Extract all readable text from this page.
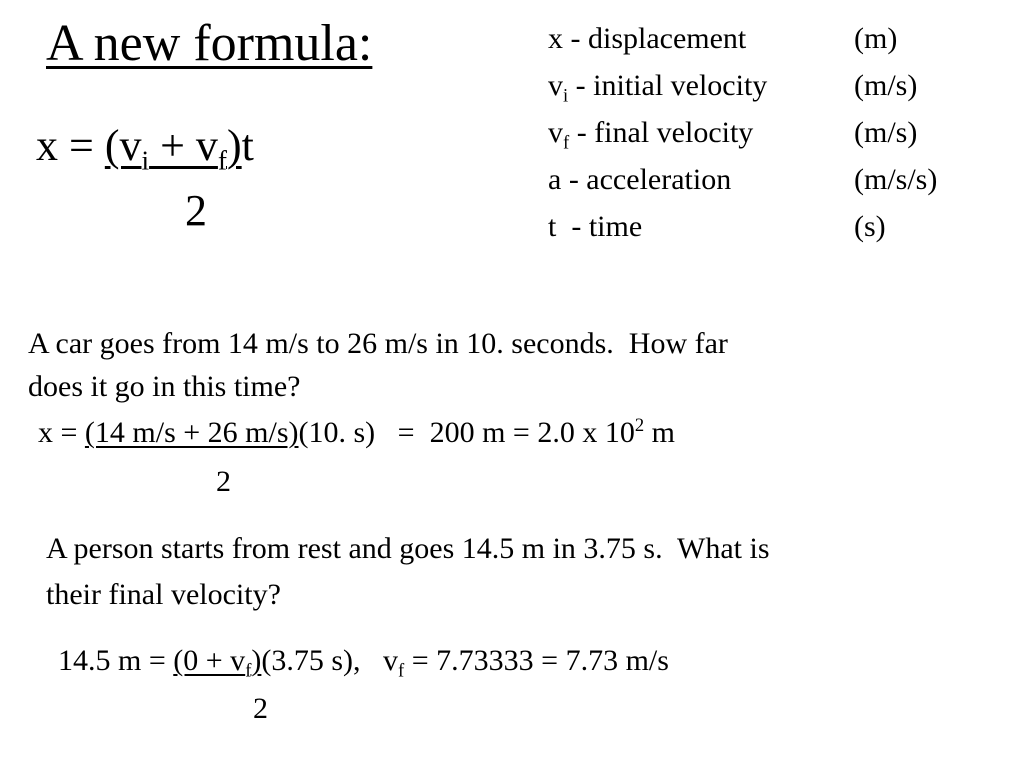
A new formula:
$x = (v_i + v_f)t$
2
x - displacement	(m)
$v_i$ - initial velocity	(m/s)
$v_f$ - final velocity	(m/s)
a - acceleration	(m/s/s)
t  - time	(s)
A car goes from 14 m/s to 26 m/s in 10. seconds.  How far
does it go in this time?
x = (14 m/s + 26 m/s)(10. s)   =  200 m = 2.0 x $10^2$ m
2
A person starts from rest and goes 14.5 m in 3.75 s.  What is
their final velocity?
14.5 $m = (0 + v_f)(3.75$ s),   $v_f = 7.73333 = 7.73$ m/s
2
